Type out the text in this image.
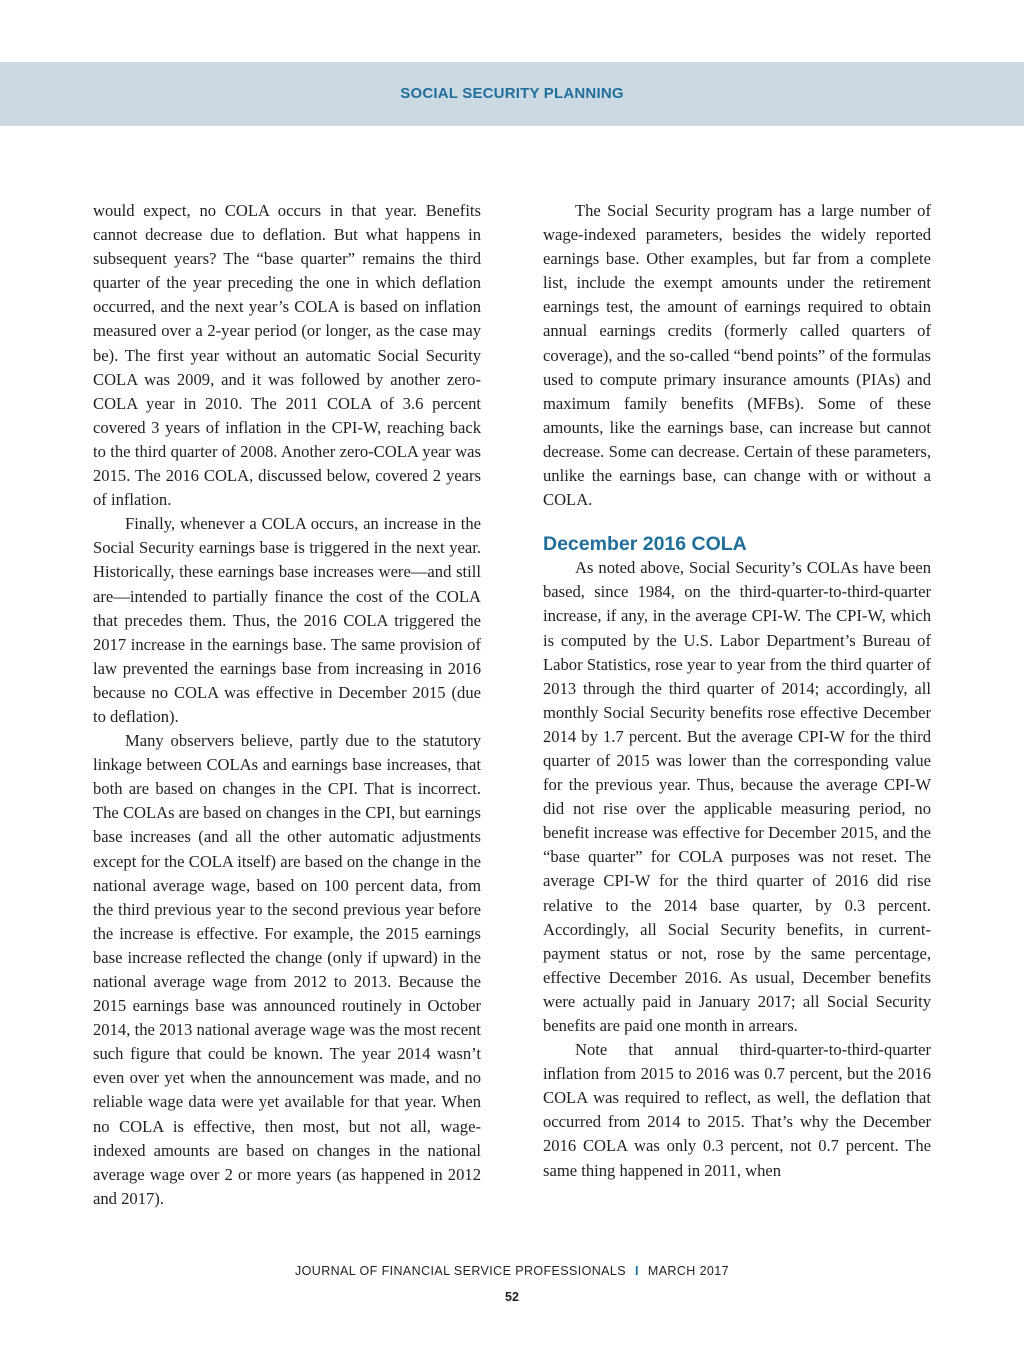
SOCIAL SECURITY PLANNING

would expect, no COLA occurs in that year. Benefits cannot decrease due to deflation. But what happens in subsequent years? The “base quarter” remains the third quarter of the year preceding the one in which deflation occurred, and the next year’s COLA is based on inflation measured over a 2-year period (or longer, as the case may be). The first year without an automatic Social Security COLA was 2009, and it was followed by another zero-COLA year in 2010. The 2011 COLA of 3.6 percent covered 3 years of inflation in the CPI-W, reaching back to the third quarter of 2008. Another zero-COLA year was 2015. The 2016 COLA, discussed below, covered 2 years of inflation.

Finally, whenever a COLA occurs, an increase in the Social Security earnings base is triggered in the next year. Historically, these earnings base increases were—and still are—intended to partially finance the cost of the COLA that precedes them. Thus, the 2016 COLA triggered the 2017 increase in the earnings base. The same provision of law prevented the earnings base from increasing in 2016 because no COLA was effective in December 2015 (due to deflation).

Many observers believe, partly due to the statutory linkage between COLAs and earnings base increases, that both are based on changes in the CPI. That is incorrect. The COLAs are based on changes in the CPI, but earnings base increases (and all the other automatic adjustments except for the COLA itself) are based on the change in the national average wage, based on 100 percent data, from the third previous year to the second previous year before the increase is effective. For example, the 2015 earnings base increase reflected the change (only if upward) in the national average wage from 2012 to 2013. Because the 2015 earnings base was announced routinely in October 2014, the 2013 national average wage was the most recent such figure that could be known. The year 2014 wasn’t even over yet when the announcement was made, and no reliable wage data were yet available for that year. When no COLA is effective, then most, but not all, wage-indexed amounts are based on changes in the national average wage over 2 or more years (as happened in 2012 and 2017).

The Social Security program has a large number of wage-indexed parameters, besides the widely reported earnings base. Other examples, but far from a complete list, include the exempt amounts under the retirement earnings test, the amount of earnings required to obtain annual earnings credits (formerly called quarters of coverage), and the so-called “bend points” of the formulas used to compute primary insurance amounts (PIAs) and maximum family benefits (MFBs). Some of these amounts, like the earnings base, can increase but cannot decrease. Some can decrease. Certain of these parameters, unlike the earnings base, can change with or without a COLA.

December 2016 COLA

As noted above, Social Security’s COLAs have been based, since 1984, on the third-quarter-to-third-quarter increase, if any, in the average CPI-W. The CPI-W, which is computed by the U.S. Labor Department’s Bureau of Labor Statistics, rose year to year from the third quarter of 2013 through the third quarter of 2014; accordingly, all monthly Social Security benefits rose effective December 2014 by 1.7 percent. But the average CPI-W for the third quarter of 2015 was lower than the corresponding value for the previous year. Thus, because the average CPI-W did not rise over the applicable measuring period, no benefit increase was effective for December 2015, and the “base quarter” for COLA purposes was not reset. The average CPI-W for the third quarter of 2016 did rise relative to the 2014 base quarter, by 0.3 percent. Accordingly, all Social Security benefits, in current-payment status or not, rose by the same percentage, effective December 2016. As usual, December benefits were actually paid in January 2017; all Social Security benefits are paid one month in arrears.

Note that annual third-quarter-to-third-quarter inflation from 2015 to 2016 was 0.7 percent, but the 2016 COLA was required to reflect, as well, the deflation that occurred from 2014 to 2015. That’s why the December 2016 COLA was only 0.3 percent, not 0.7 percent. The same thing happened in 2011, when

JOURNAL OF FINANCIAL SERVICE PROFESSIONALS I MARCH 2017
52
